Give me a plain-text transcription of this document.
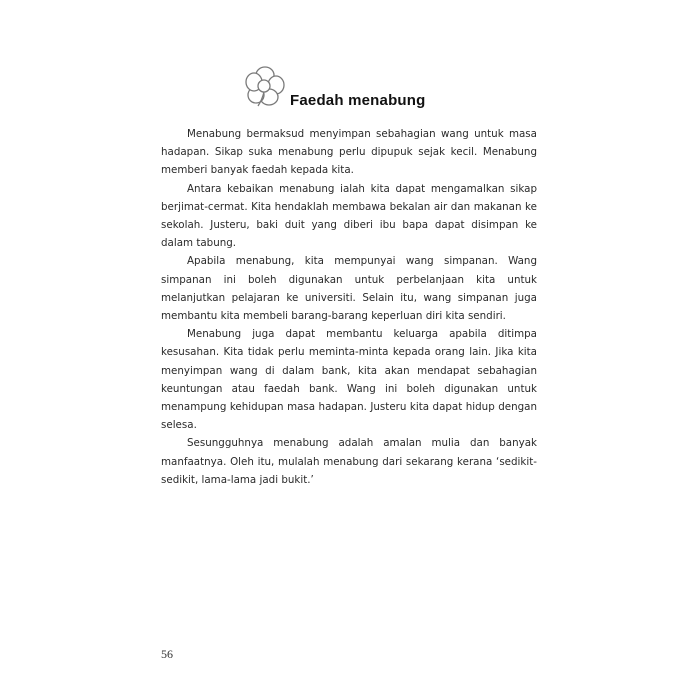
Faedah menabung

Menabung bermaksud menyimpan sebahagian wang untuk masa hadapan. Sikap suka menabung perlu dipupuk sejak kecil. Menabung memberi banyak faedah kepada kita.

Antara kebaikan menabung ialah kita dapat mengamalkan sikap berjimat-cermat. Kita hendaklah membawa bekalan air dan makanan ke sekolah. Justeru, baki duit yang diberi ibu bapa dapat disimpan ke dalam tabung.

Apabila menabung, kita mempunyai wang simpanan. Wang simpanan ini boleh digunakan untuk perbelanjaan kita untuk melanjutkan pelajaran ke universiti. Selain itu, wang simpanan juga membantu kita membeli barang-barang keperluan diri kita sendiri.

Menabung juga dapat membantu keluarga apabila ditimpa kesusahan. Kita tidak perlu meminta-minta kepada orang lain. Jika kita menyimpan wang di dalam bank, kita akan mendapat sebahagian keuntungan atau faedah bank. Wang ini boleh digunakan untuk menampung kehidupan masa hadapan. Justeru kita dapat hidup dengan selesa.

Sesungguhnya menabung adalah amalan mulia dan banyak manfaatnya. Oleh itu, mulalah menabung dari sekarang kerana ‘sedikit-sedikit, lama-lama jadi bukit.’

56
